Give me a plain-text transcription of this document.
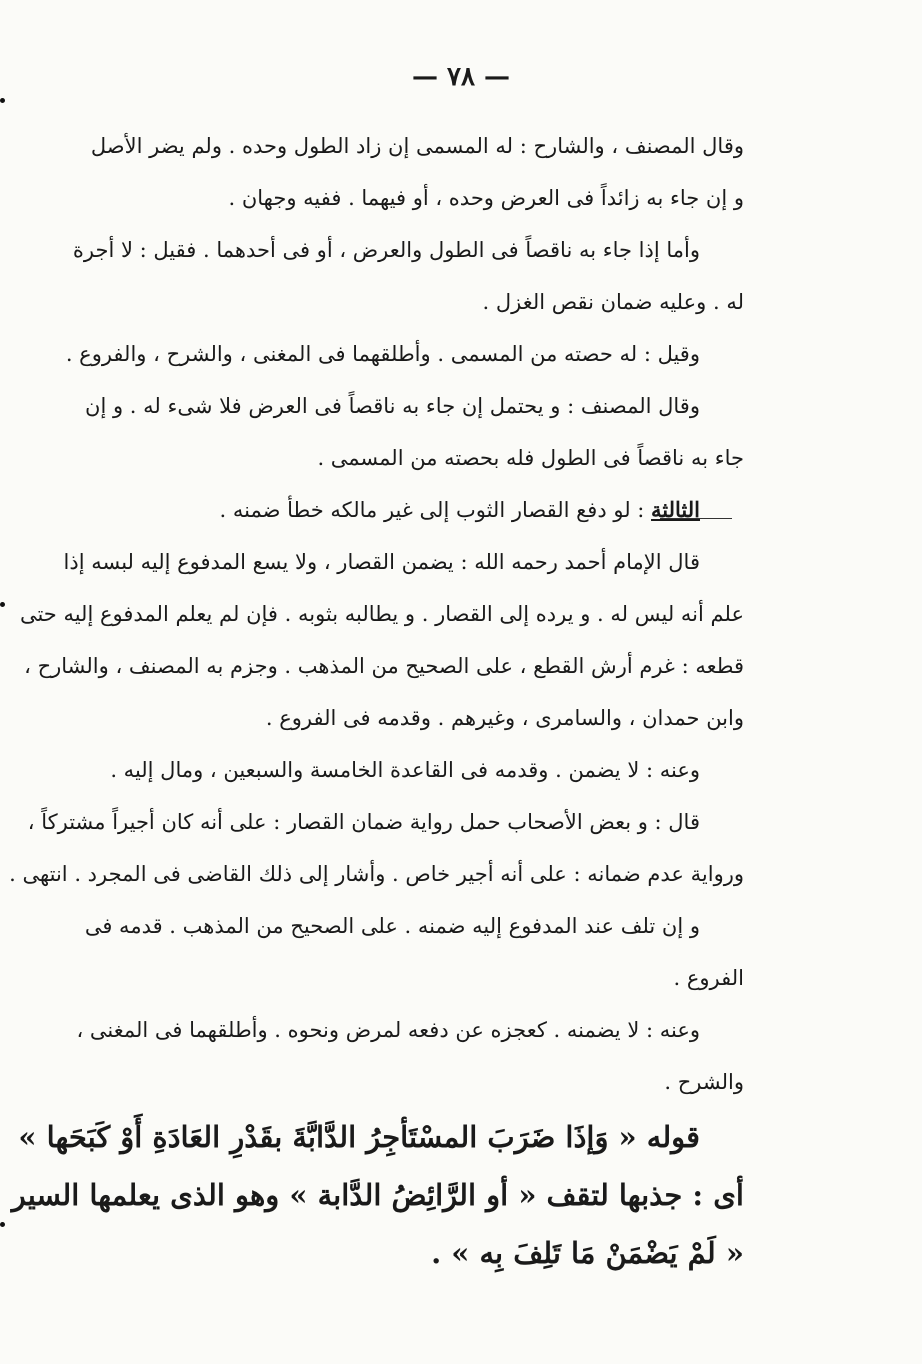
— ٧٨ —
وقال المصنف ، والشارح : له المسمى إن زاد الطول وحده . ولم يضر الأصل
و إن جاء به زائداً فى العرض وحده ، أو فيهما . ففيه وجهان .
وأما إذا جاء به ناقصاً فى الطول والعرض ، أو فى أحدهما . فقيل : لا أجرة
له . وعليه ضمان نقص الغزل .
وقيل : له حصته من المسمى . وأطلقهما فى المغنى ، والشرح ، والفروع .
وقال المصنف : و يحتمل إن جاء به ناقصاً فى العرض فلا شىء له . و إن
جاء به ناقصاً فى الطول فله بحصته من المسمى .
الثالثة : لو دفع القصار الثوب إلى غير مالكه خطأ ضمنه .
قال الإمام أحمد رحمه الله : يضمن القصار ، ولا يسع المدفوع إليه لبسه إذا
علم أنه ليس له . و يرده إلى القصار . و يطالبه بثوبه . فإن لم يعلم المدفوع إليه حتى
قطعه : غرم أرش القطع ، على الصحيح من المذهب . وجزم به المصنف ، والشارح ،
وابن حمدان ، والسامرى ، وغيرهم . وقدمه فى الفروع .
وعنه : لا يضمن . وقدمه فى القاعدة الخامسة والسبعين ، ومال إليه .
قال : و بعض الأصحاب حمل رواية ضمان القصار : على أنه كان أجيراً مشتركاً ،
ورواية عدم ضمانه : على أنه أجير خاص . وأشار إلى ذلك القاضى فى المجرد . انتهى .
و إن تلف عند المدفوع إليه ضمنه . على الصحيح من المذهب . قدمه فى
الفروع .
وعنه : لا يضمنه . كعجزه عن دفعه لمرض ونحوه . وأطلقهما فى المغنى ،
والشرح .
قوله « وَإذَا ضَرَبَ المسْتَأجِرُ الدَّابَّةَ بقَدْرِ العَادَةِ أَوْ كَبَحَها »
أى : جذبها لتقف « أو الرَّائِضُ الدَّابة » وهو الذى يعلمها السير
« لَمْ يَضْمَنْ مَا تَلِفَ بِه » .
